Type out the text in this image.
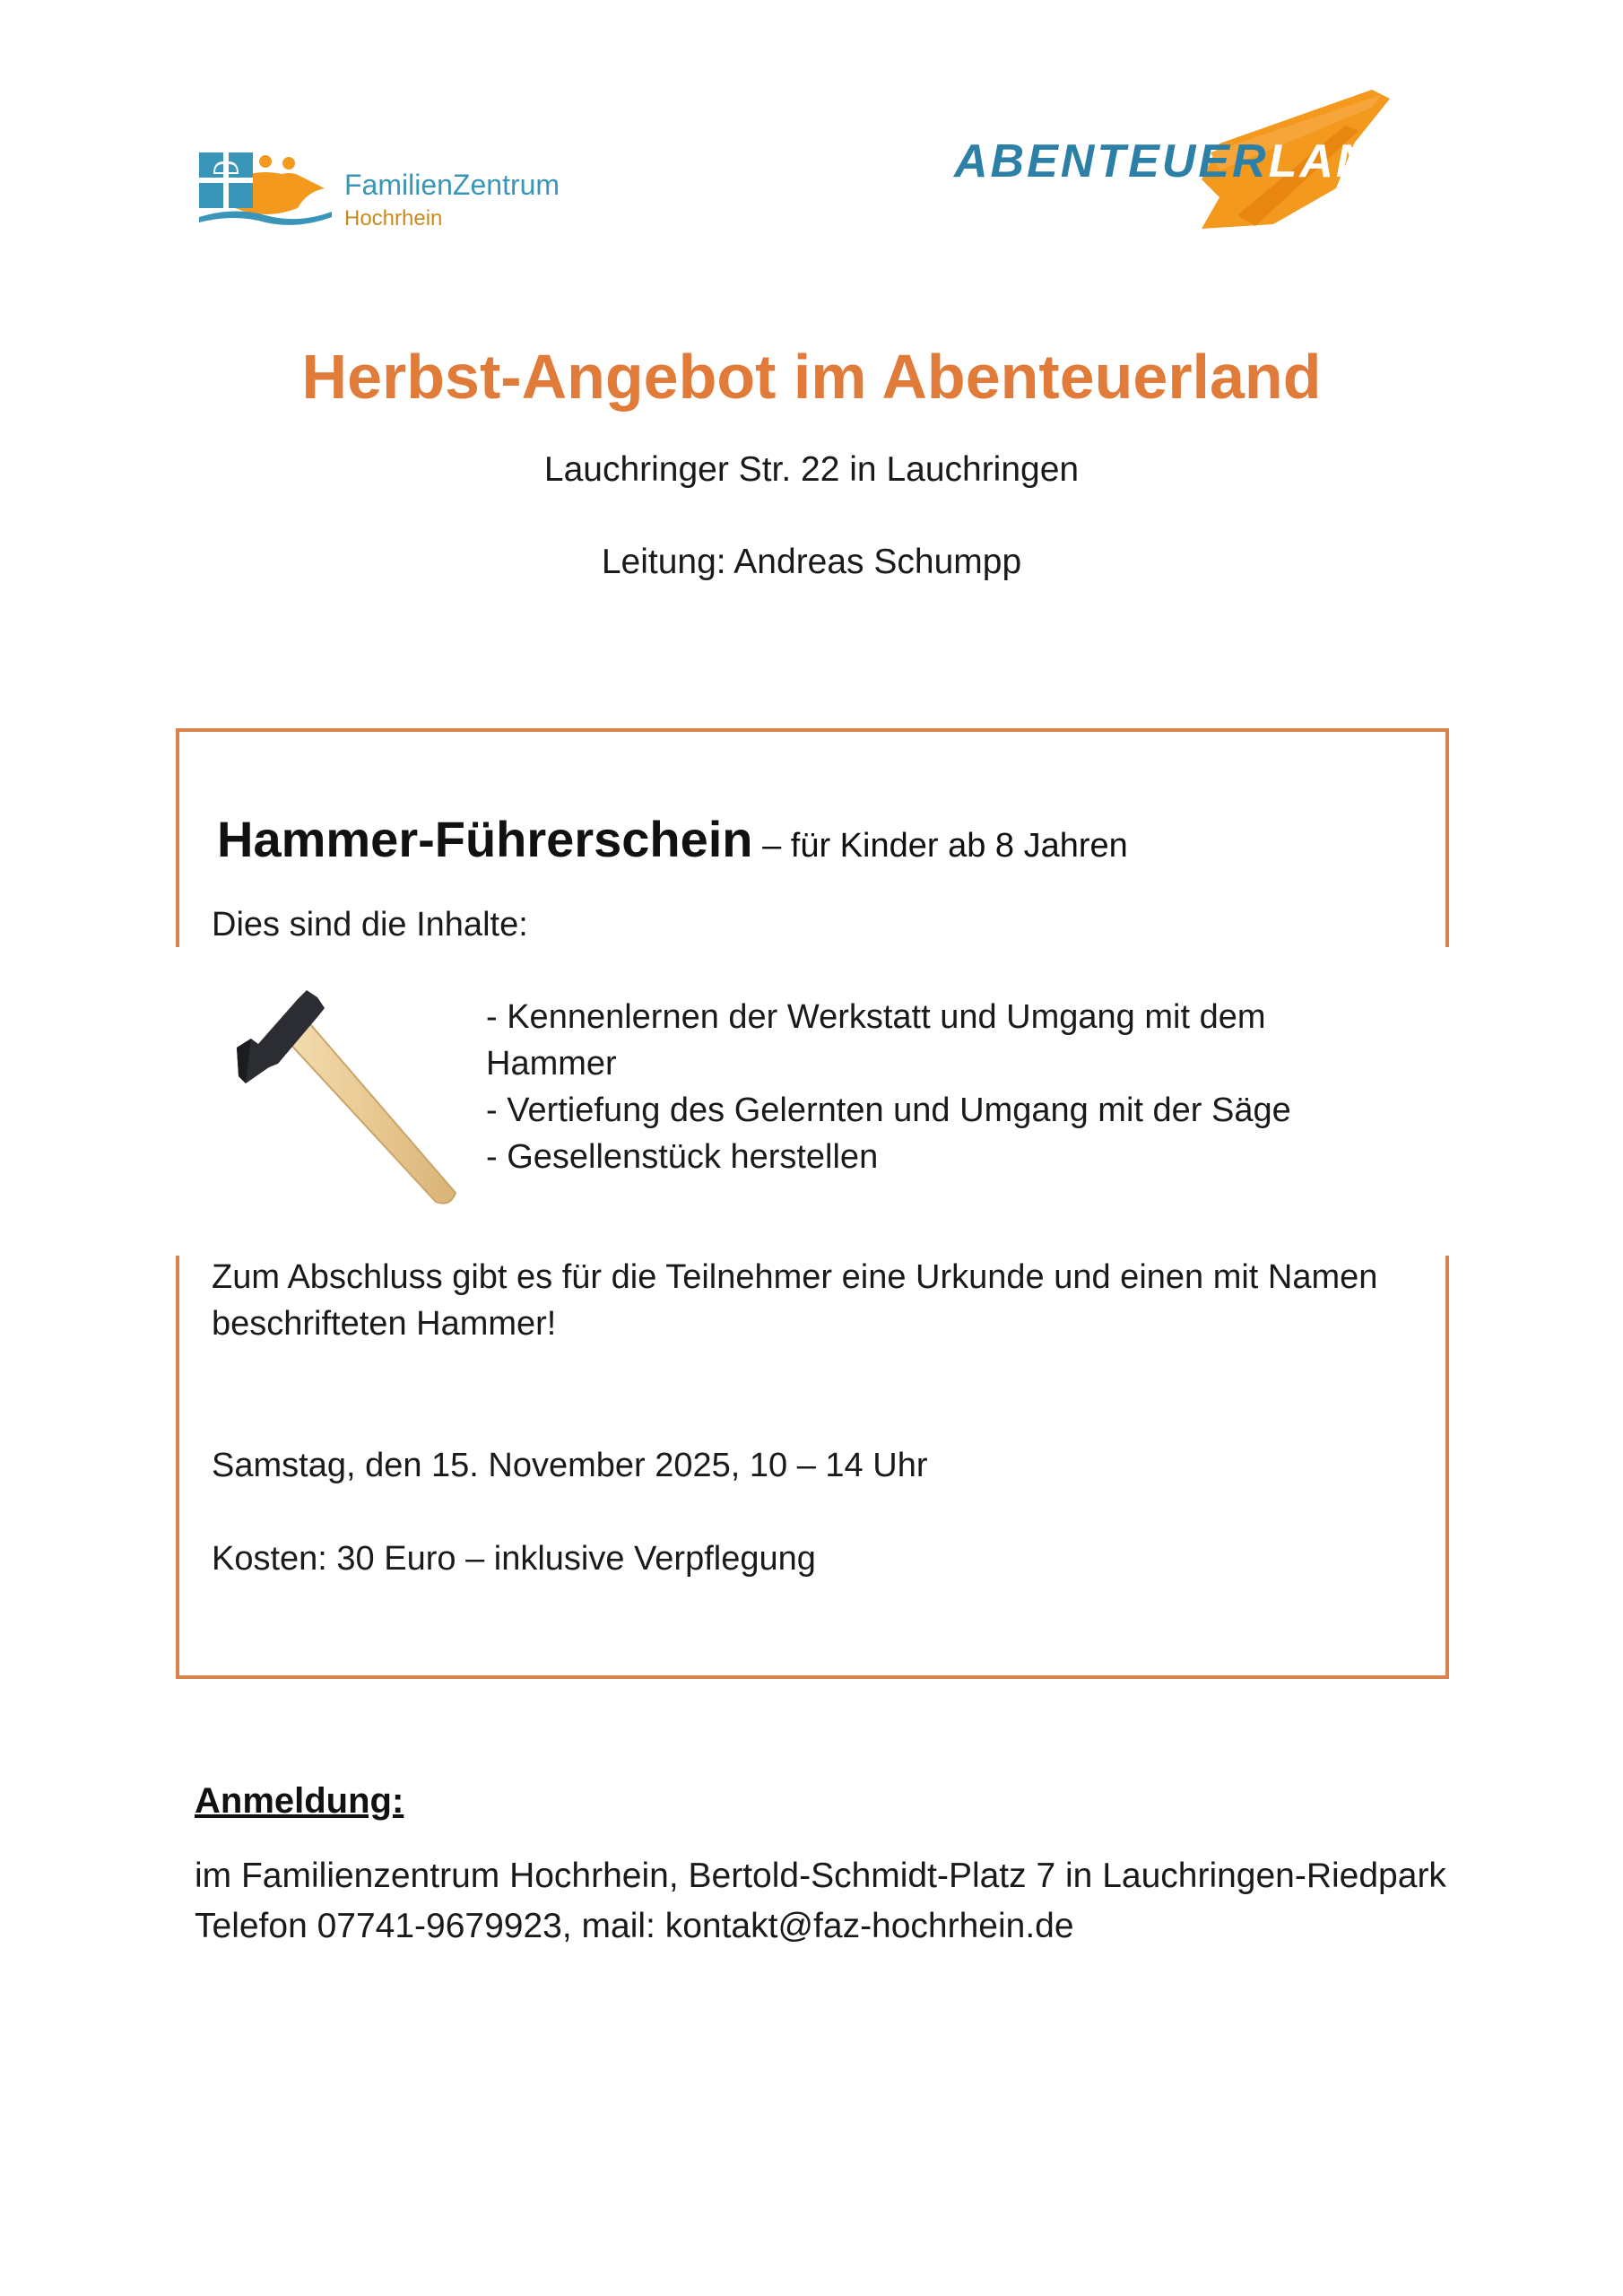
FamilienZentrum
Hochrhein
ABENTEUERLAND
Herbst-Angebot im Abenteuerland
Lauchringer Str. 22 in Lauchringen
Leitung: Andreas Schumpp
Hammer-Führerschein – für Kinder ab 8 Jahren
Dies sind die Inhalte:
- Kennenlernen der Werkstatt und Umgang mit dem Hammer
- Vertiefung des Gelernten und Umgang mit der Säge
- Gesellenstück herstellen
Zum Abschluss gibt es für die Teilnehmer eine Urkunde und einen mit Namen beschrifteten Hammer!
Samstag, den 15. November 2025, 10 – 14 Uhr
Kosten: 30 Euro – inklusive Verpflegung
Anmeldung:
im Familienzentrum Hochrhein, Bertold-Schmidt-Platz 7 in Lauchringen-Riedpark Telefon 07741-9679923, mail: kontakt@faz-hochrhein.de
